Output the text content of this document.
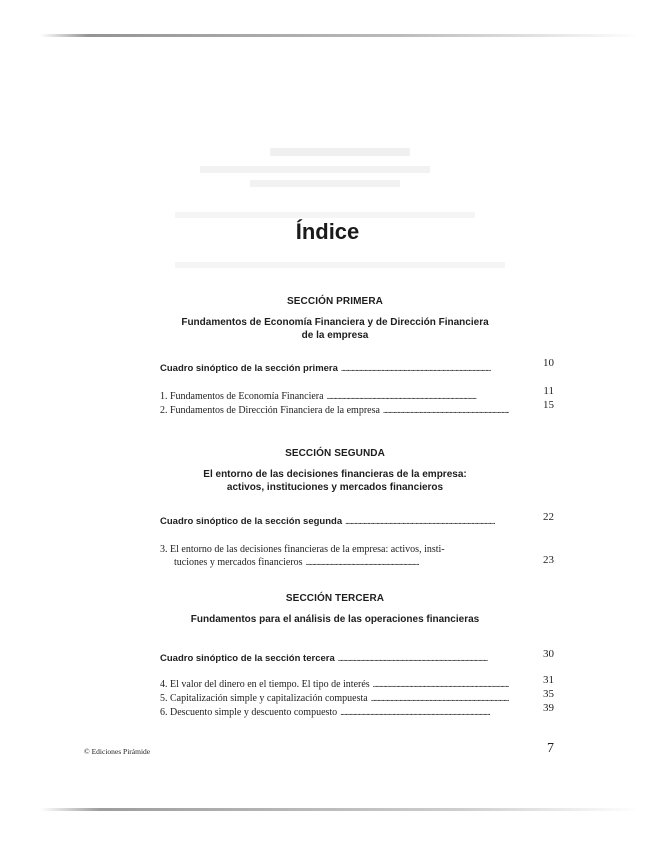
Índice
SECCIÓN PRIMERA
Fundamentos de Economía Financiera y de Dirección Financiera
de la empresa
Cuadro sinóptico de la sección primera . . .	10
1. Fundamentos de Economía Financiera . . .	11
2. Fundamentos de Dirección Financiera de la empresa . . .	15
SECCIÓN SEGUNDA
El entorno de las decisiones financieras de la empresa:
activos, instituciones y mercados financieros
Cuadro sinóptico de la sección segunda . . .	22
3. El entorno de las decisiones financieras de la empresa: activos, insti-
tuciones y mercados financieros . . .	23
SECCIÓN TERCERA
Fundamentos para el análisis de las operaciones financieras
Cuadro sinóptico de la sección tercera . . .	30
4. El valor del dinero en el tiempo. El tipo de interés . . .	31
5. Capitalización simple y capitalización compuesta . . .	35
6. Descuento simple y descuento compuesto . . .	39
© Ediciones Pirámide	7
